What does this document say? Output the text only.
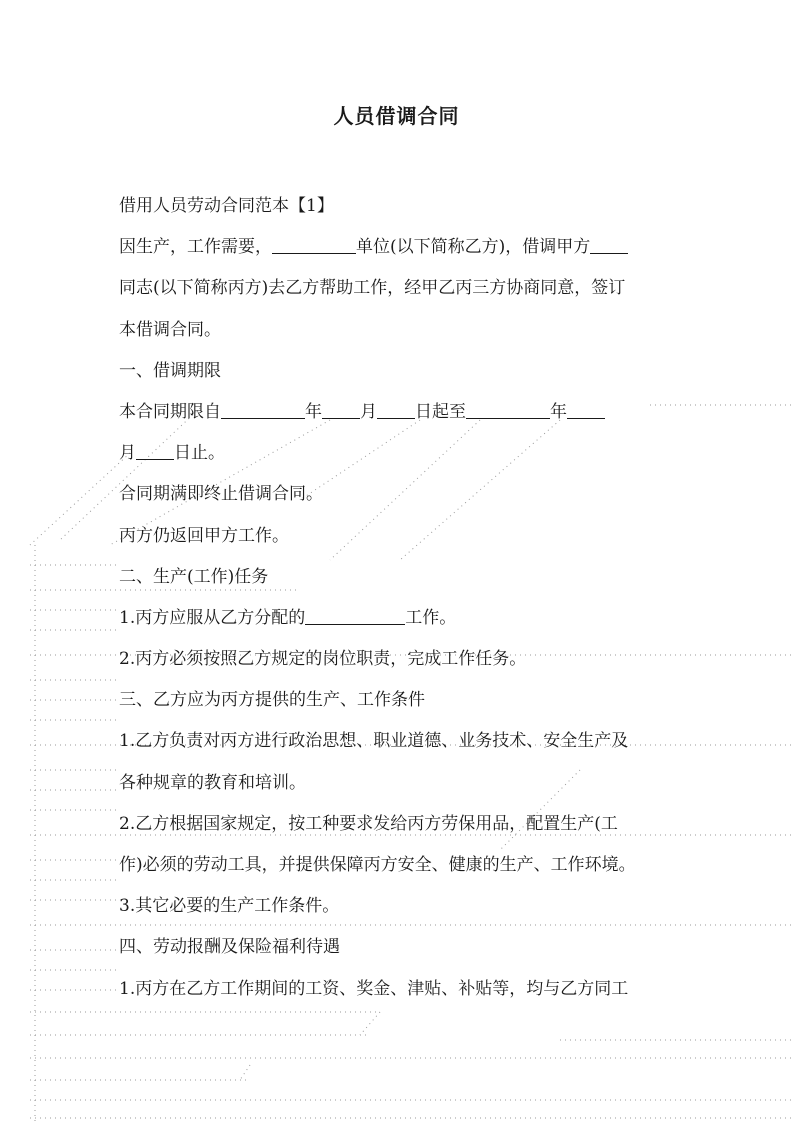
人员借调合同
借用人员劳动合同范本【1】
因生产，工作需要，	单位(以下简称乙方)，借调甲方
同志(以下简称丙方)去乙方帮助工作，经甲乙丙三方协商同意，签订
本借调合同。
一、借调期限
本合同期限自	年 月 日起至	年
月 日止。
合同期满即终止借调合同。
丙方仍返回甲方工作。
二、生产(工作)任务
1.丙方应服从乙方分配的	工作。
2.丙方必须按照乙方规定的岗位职责，完成工作任务。
三、乙方应为丙方提供的生产、工作条件
1.乙方负责对丙方进行政治思想、职业道德、业务技术、安全生产及
各种规章的教育和培训。
2.乙方根据国家规定，按工种要求发给丙方劳保用品，配置生产(工
作)必须的劳动工具，并提供保障丙方安全、健康的生产、工作环境。
3.其它必要的生产工作条件。
四、劳动报酬及保险福利待遇
1.丙方在乙方工作期间的工资、奖金、津贴、补贴等，均与乙方同工
